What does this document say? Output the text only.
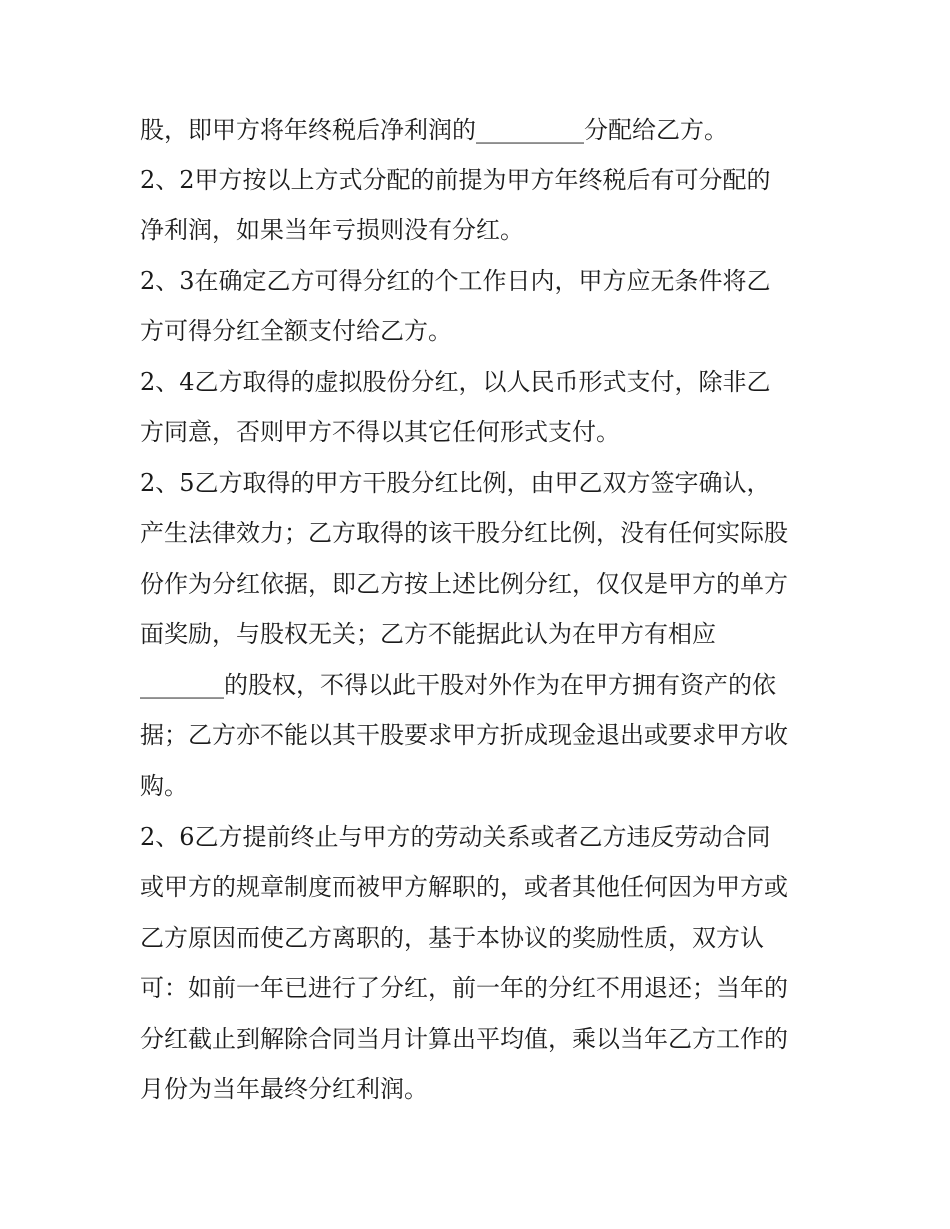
股，即甲方将年终税后净利润的_________分配给乙方。
2、2甲方按以上方式分配的前提为甲方年终税后有可分配的
净利润，如果当年亏损则没有分红。
2、3在确定乙方可得分红的个工作日内，甲方应无条件将乙
方可得分红全额支付给乙方。
2、4乙方取得的虚拟股份分红，以人民币形式支付，除非乙
方同意，否则甲方不得以其它任何形式支付。
2、5乙方取得的甲方干股分红比例，由甲乙双方签字确认，
产生法律效力；乙方取得的该干股分红比例，没有任何实际股
份作为分红依据，即乙方按上述比例分红，仅仅是甲方的单方
面奖励，与股权无关；乙方不能据此认为在甲方有相应
_______的股权，不得以此干股对外作为在甲方拥有资产的依
据；乙方亦不能以其干股要求甲方折成现金退出或要求甲方收
购。
2、6乙方提前终止与甲方的劳动关系或者乙方违反劳动合同
或甲方的规章制度而被甲方解职的，或者其他任何因为甲方或
乙方原因而使乙方离职的，基于本协议的奖励性质，双方认
可：如前一年已进行了分红，前一年的分红不用退还；当年的
分红截止到解除合同当月计算出平均值，乘以当年乙方工作的
月份为当年最终分红利润。
